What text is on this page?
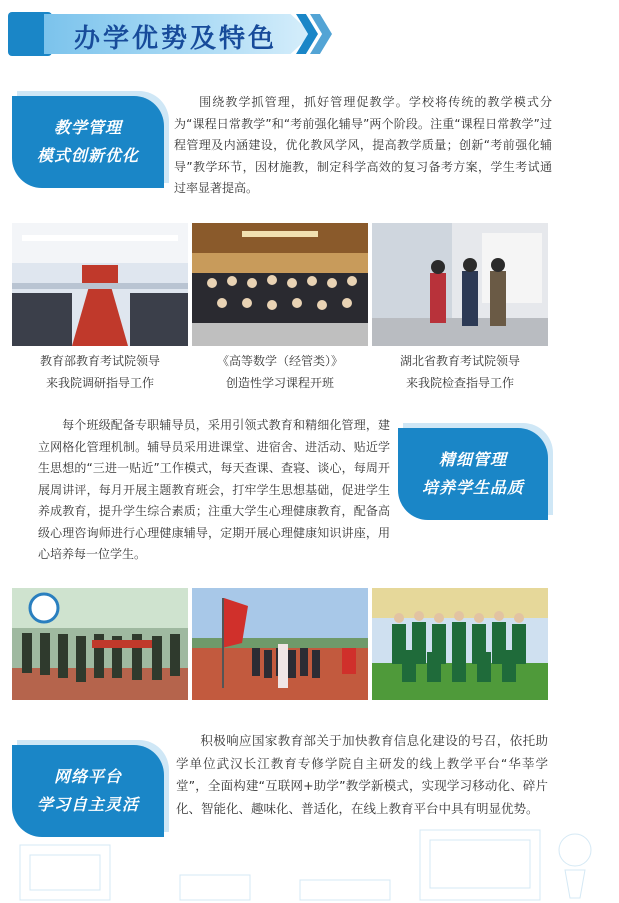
办学优势及特色
教学管理
模式创新优化
围绕教学抓管理，抓好管理促教学。学校将传统的教学模式分为“课程日常教学”和“考前强化辅导”两个阶段。注重“课程日常教学”过程管理及内涵建设，优化教风学风，提高教学质量；创新“考前强化辅导”教学环节，因材施教，制定科学高效的复习备考方案，学生考试通过率显著提高。
教育部教育考试院领导
来我院调研指导工作
《高等数学（经管类）》
创造性学习课程开班
湖北省教育考试院领导
来我院检查指导工作
每个班级配备专职辅导员，采用引领式教育和精细化管理，建立网格化管理机制。辅导员采用进课堂、进宿舍、进活动、贴近学生思想的“三进一贴近”工作模式，每天查课、查寝、谈心，每周开展周讲评，每月开展主题教育班会，打牢学生思想基础，促进学生养成教育，提升学生综合素质；注重大学生心理健康教育，配备高级心理咨询师进行心理健康辅导，定期开展心理健康知识讲座，用心培养每一位学生。
精细管理
培养学生品质
网络平台
学习自主灵活
积极响应国家教育部关于加快教育信息化建设的号召，依托助学单位武汉长江教育专修学院自主研发的线上教学平台“华莘学堂”，全面构建“互联网+助学”教学新模式，实现学习移动化、碎片化、智能化、趣味化、普适化，在线上教育平台中具有明显优势。
